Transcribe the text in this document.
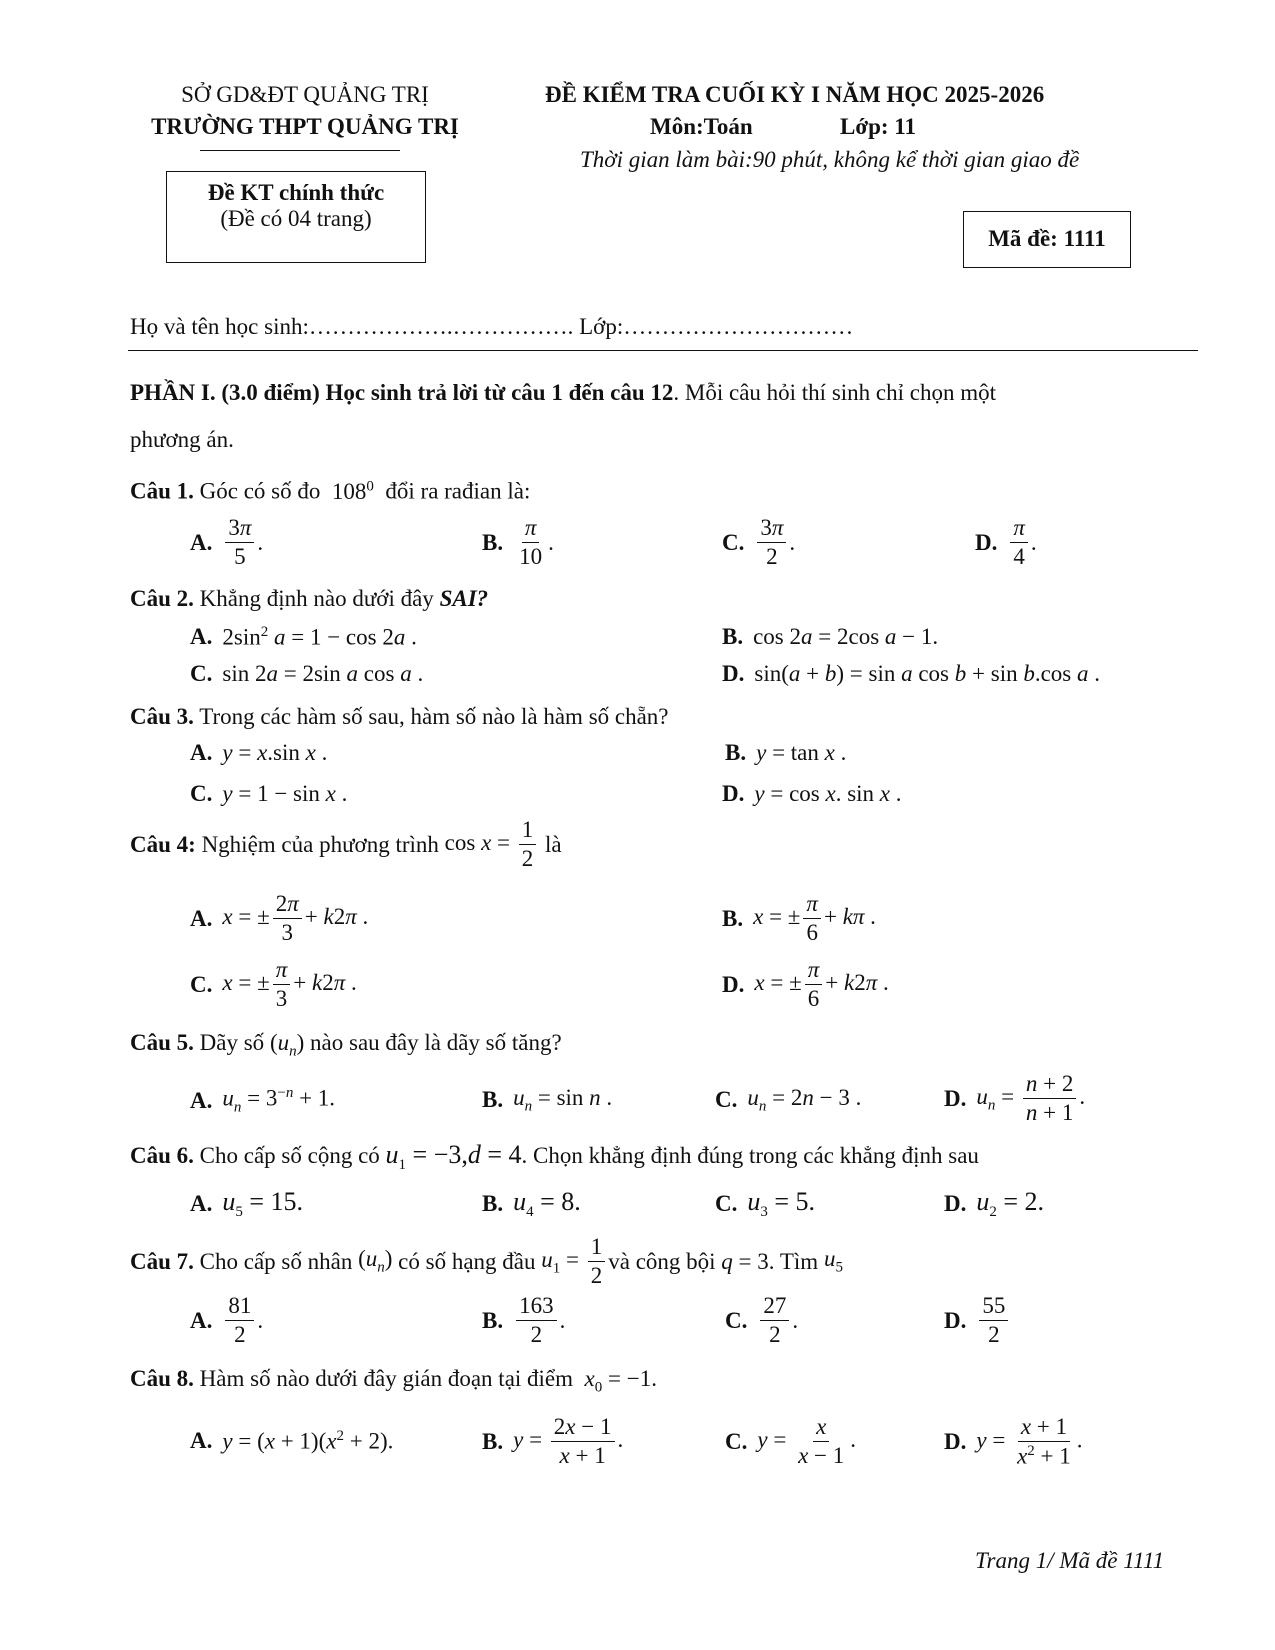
SỞ GD&ĐT QUẢNG TRỊ
TRƯỜNG THPT QUẢNG TRỊ
ĐỀ KIỂM TRA CUỐI KỲ I NĂM HỌC 2025-2026
Môn:Toán	Lớp: 11
Thời gian làm bài:90 phút, không kể thời gian giao đề
Đề KT chính thức
(Đề có 04 trang)
Mã đề: 1111
Họ và tên học sinh:……………….……………. Lớp:…………………………
PHẦN I. (3.0 điểm) Học sinh trả lời từ câu 1 đến câu 12. Mỗi câu hỏi thí sinh chỉ chọn một
phương án.
Câu 1. Góc có số đo  $108^0$ đổi ra rađian là:
A. $\frac{3\pi}{5}$ .	B. $\frac{\pi}{10}$ .	C. $\frac{3\pi}{2}$ .	D. $\frac{\pi}{4}$ .
Câu 2. Khẳng định nào dưới đây SAI?
A. $2\sin^2$ a = 1 − cos 2a .	B. cos 2a = 2cos a − 1.
C. sin 2a = 2sin a cos a .	D. sin(a + b) = sin a cos b + sin b.cos a .
Câu 3. Trong các hàm số sau, hàm số nào là hàm số chẵn?
A. y = x.sin x .	B. y = tan x .
C. y = 1 − sin x .	D. y = cos x. sin x .
Câu 4:
Nghiệm của phương trình
$\cos x = \frac{1}{2}$
là
A. x = ± $\frac{2\pi}{3} + k2\pi$ .	B. x = ± $\frac{\pi}{6} + k\pi$ .
C. x = ± $\frac{\pi}{3} + k2\pi$ .	D. x = ± $\frac{\pi}{6} + k2\pi$ .
Câu 5. Dãy số $(u_n)$ nào sau đây là dãy số tăng?
A. $u_n = 3^{-n} + 1$.	B. $u_n = \sin n$ .	C. $u_n = 2n - 3$ .	D. $u_n = \frac{n + 2}{n + 1}$ .
Câu 6. Cho cấp số cộng có $u_1 = -3,d = 4$. Chọn khẳng định đúng trong các khẳng định sau
A. $u_5 = 15$.	B. $u_4 = 8$.	C. $u_3 = 5$.	D. $u_2 = 2$.
Câu 7.
Cho cấp số nhân
$(u_n)$
có số hạng đầu
$u_1 = \frac{1}{2}$ và công bội
q = 3 . Tìm
$u_5$
A. $\frac{81}{2}$ .	B. $\frac{163}{2}$ .	C. $\frac{27}{2}$ .	D. $\frac{55}{2}$
Câu 8. Hàm số nào dưới đây gián đoạn tại điểm $x_0 = -1$.
A. $y = (x + 1)(x^2 + 2)$.	B. $y = \frac{2x - 1}{x + 1}$ .	C. $y = \frac{x}{x - 1}$ .	D. $y = \frac{x + 1}{x^2 + 1}$ .
Trang 1/ Mã đề 1111
